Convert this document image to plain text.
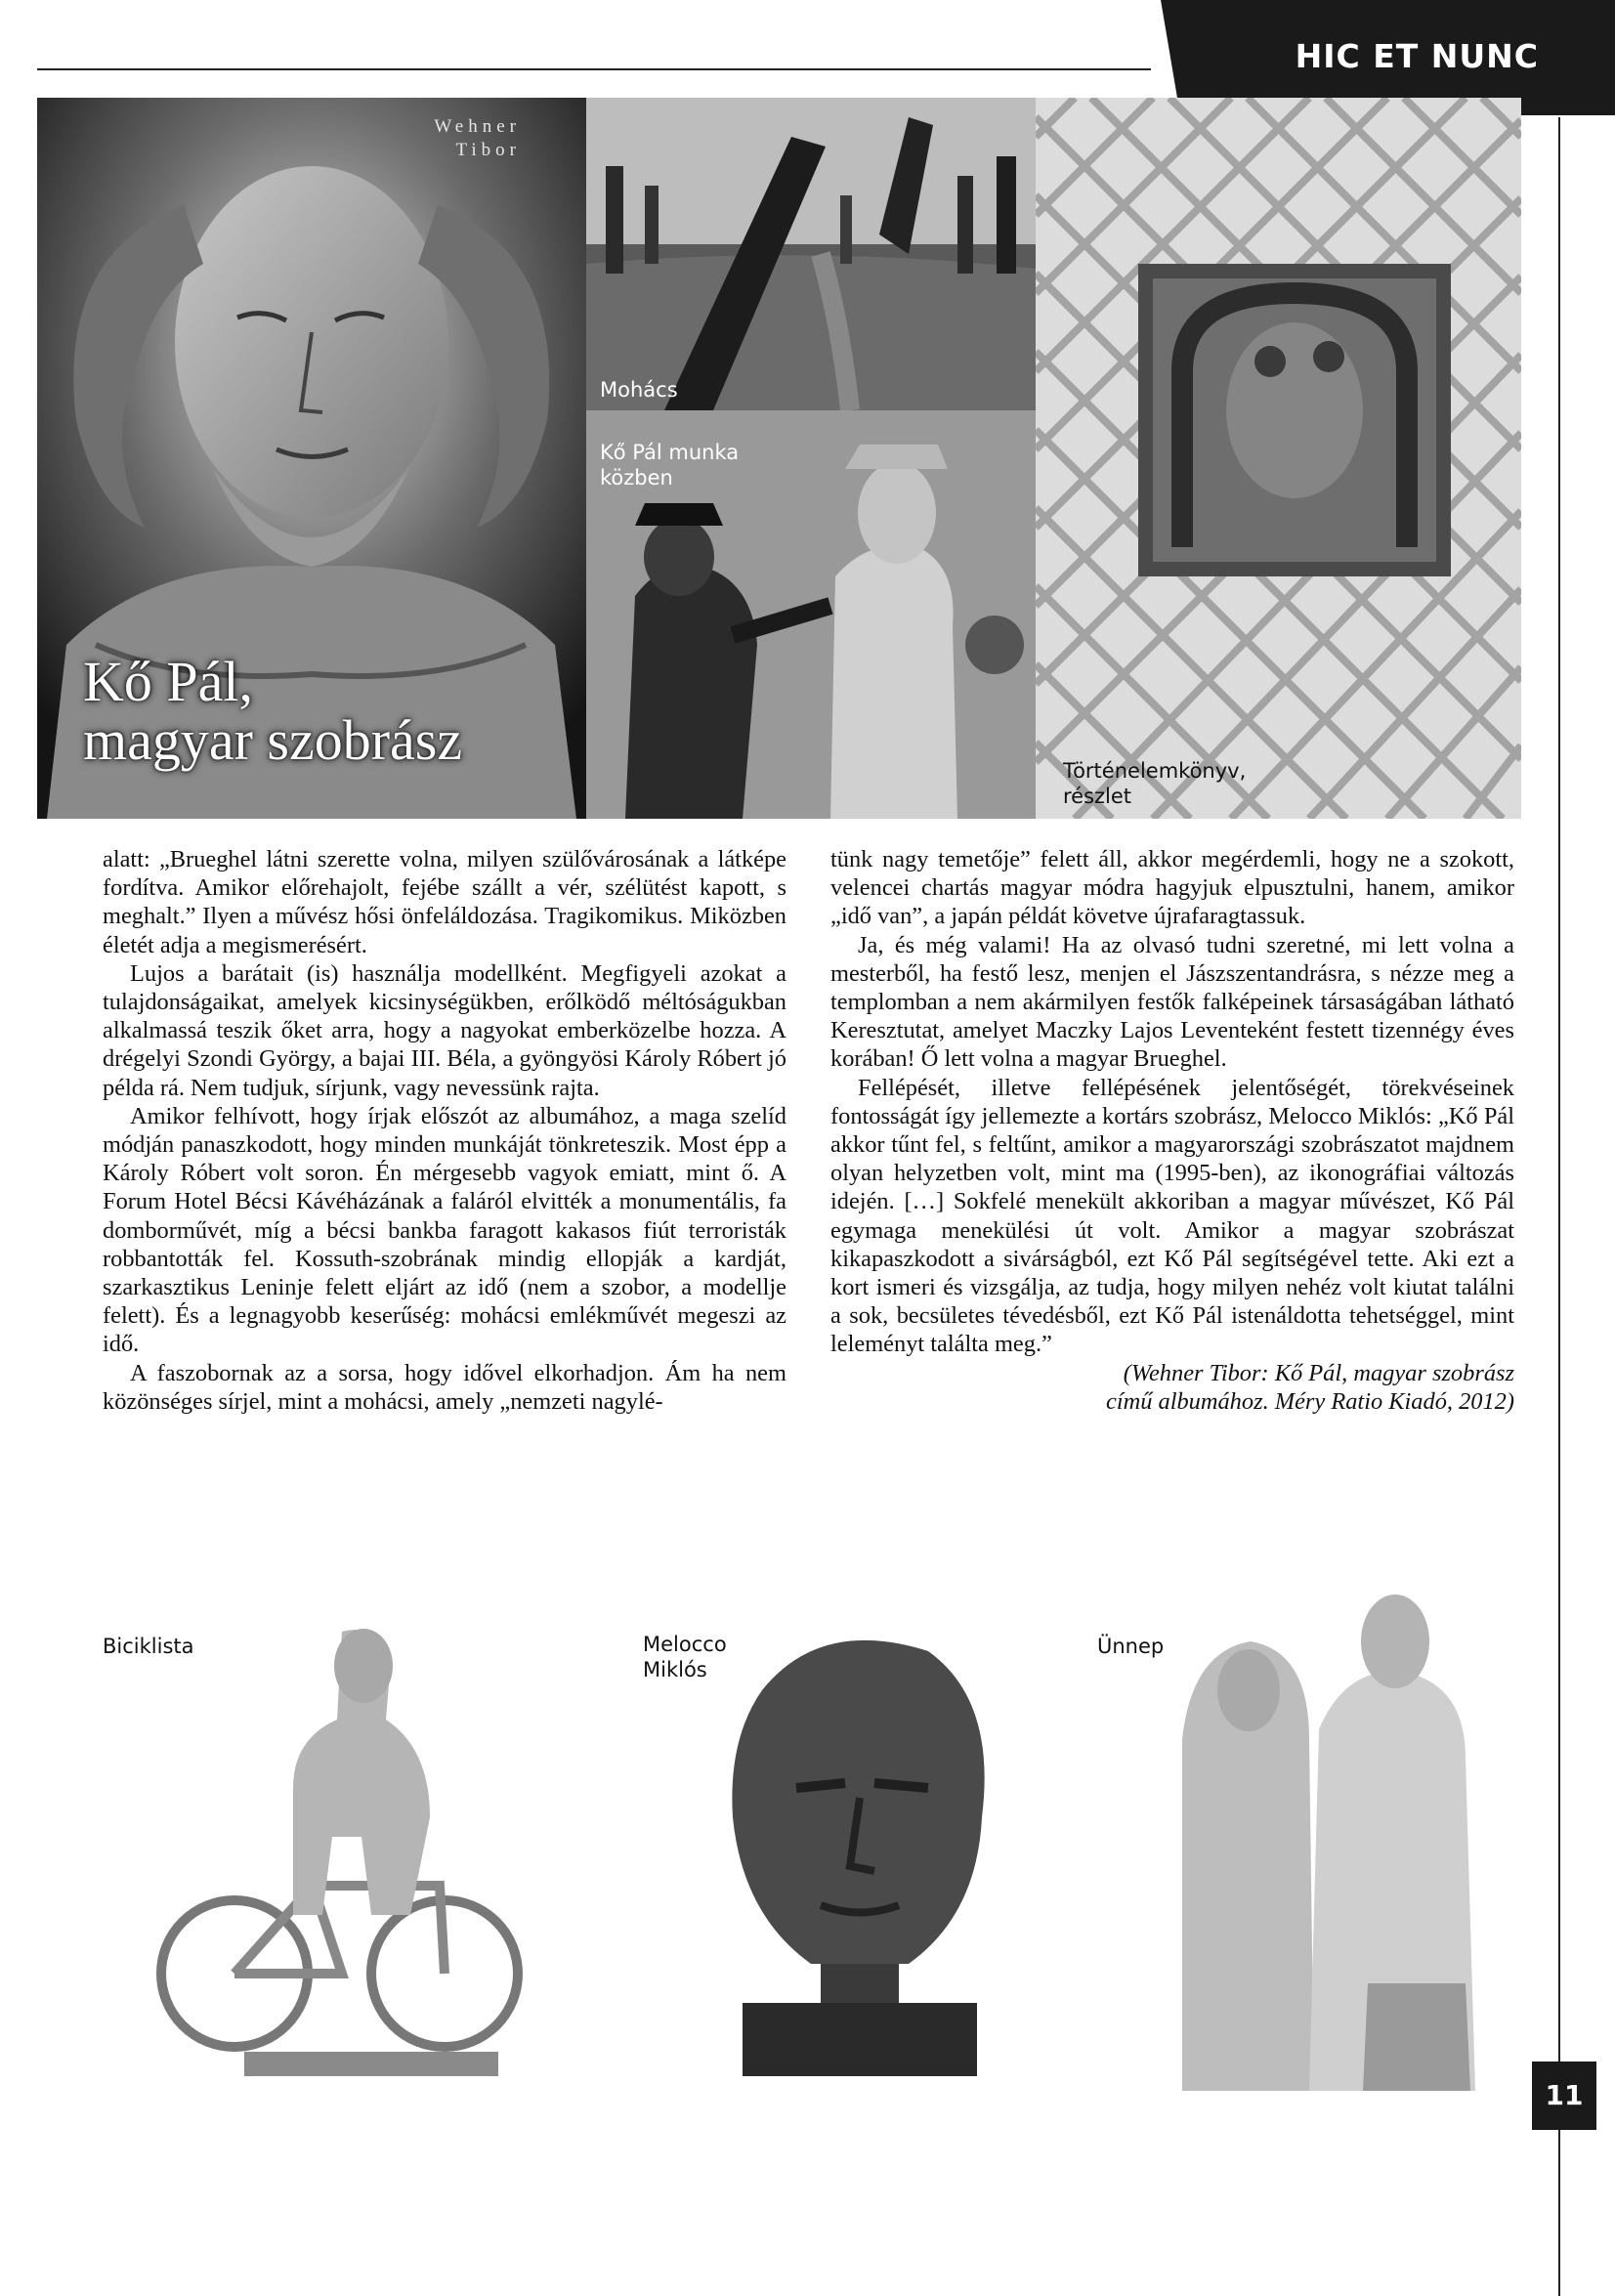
HIC ET NUNC
Wehner
Tibor
Kő Pál,
magyar szobrász
Mohács
Kő Pál munka
közben
Történelemkönyv,
részlet

alatt: „Brueghel látni szerette volna, milyen szülővárosának a látképe fordítva. Amikor előrehajolt, fejébe szállt a vér, szélütést kapott, s meghalt.” Ilyen a művész hősi önfeláldozása. Tragikomikus. Miközben életét adja a megismerésért.

Lujos a barátait (is) használja modellként. Megfigyeli azokat a tulajdonságaikat, amelyek kicsinységükben, erőlködő méltóságukban alkalmassá teszik őket arra, hogy a nagyokat emberközelbe hozza. A drégelyi Szondi György, a bajai III. Béla, a gyöngyösi Károly Róbert jó példa rá. Nem tudjuk, sírjunk, vagy nevessünk rajta.

Amikor felhívott, hogy írjak előszót az albumához, a maga szelíd módján panaszkodott, hogy minden munkáját tönkreteszik. Most épp a Károly Róbert volt soron. Én mérgesebb vagyok emiatt, mint ő. A Forum Hotel Bécsi Kávéházának a faláról elvitték a monumentális, fa domborművét, míg a bécsi bankba faragott kakasos fiút terroristák robbantották fel. Kossuth-szobrának mindig ellopják a kardját, szarkasztikus Leninje felett eljárt az idő (nem a szobor, a modellje felett). És a legnagyobb keserűség: mohácsi emlékművét megeszi az idő.

A faszobornak az a sorsa, hogy idővel elkorhadjon. Ám ha nem közönséges sírjel, mint a mohácsi, amely „nemzeti nagylé-

tünk nagy temetője” felett áll, akkor megérdemli, hogy ne a szokott, velencei chartás magyar módra hagyjuk elpusztulni, hanem, amikor „idő van”, a japán példát követve újrafaragtassuk.

Ja, és még valami! Ha az olvasó tudni szeretné, mi lett volna a mesterből, ha festő lesz, menjen el Jászszentandrásra, s nézze meg a templomban a nem akármilyen festők falképeinek társaságában látható Keresztutat, amelyet Maczky Lajos Leventeként festett tizennégy éves korában! Ő lett volna a magyar Brueghel.

Fellépését, illetve fellépésének jelentőségét, törekvéseinek fontosságát így jellemezte a kortárs szobrász, Melocco Miklós: „Kő Pál akkor tűnt fel, s feltűnt, amikor a magyarországi szobrászatot majdnem olyan helyzetben volt, mint ma (1995-ben), az ikonográfiai változás idején. […] Sokfelé menekült akkoriban a magyar művészet, Kő Pál egymaga menekülési út volt. Amikor a magyar szobrászat kikapaszkodott a sivárságból, ezt Kő Pál segítségével tette. Aki ezt a kort ismeri és vizsgálja, az tudja, hogy milyen nehéz volt kiutat találni a sok, becsületes tévedésből, ezt Kő Pál istenáldotta tehetséggel, mint leleményt találta meg.”

(Wehner Tibor: Kő Pál, magyar szobrász
című albumához. Méry Ratio Kiadó, 2012)

Biciklista	Melocco
Miklós
Ünnep
11
